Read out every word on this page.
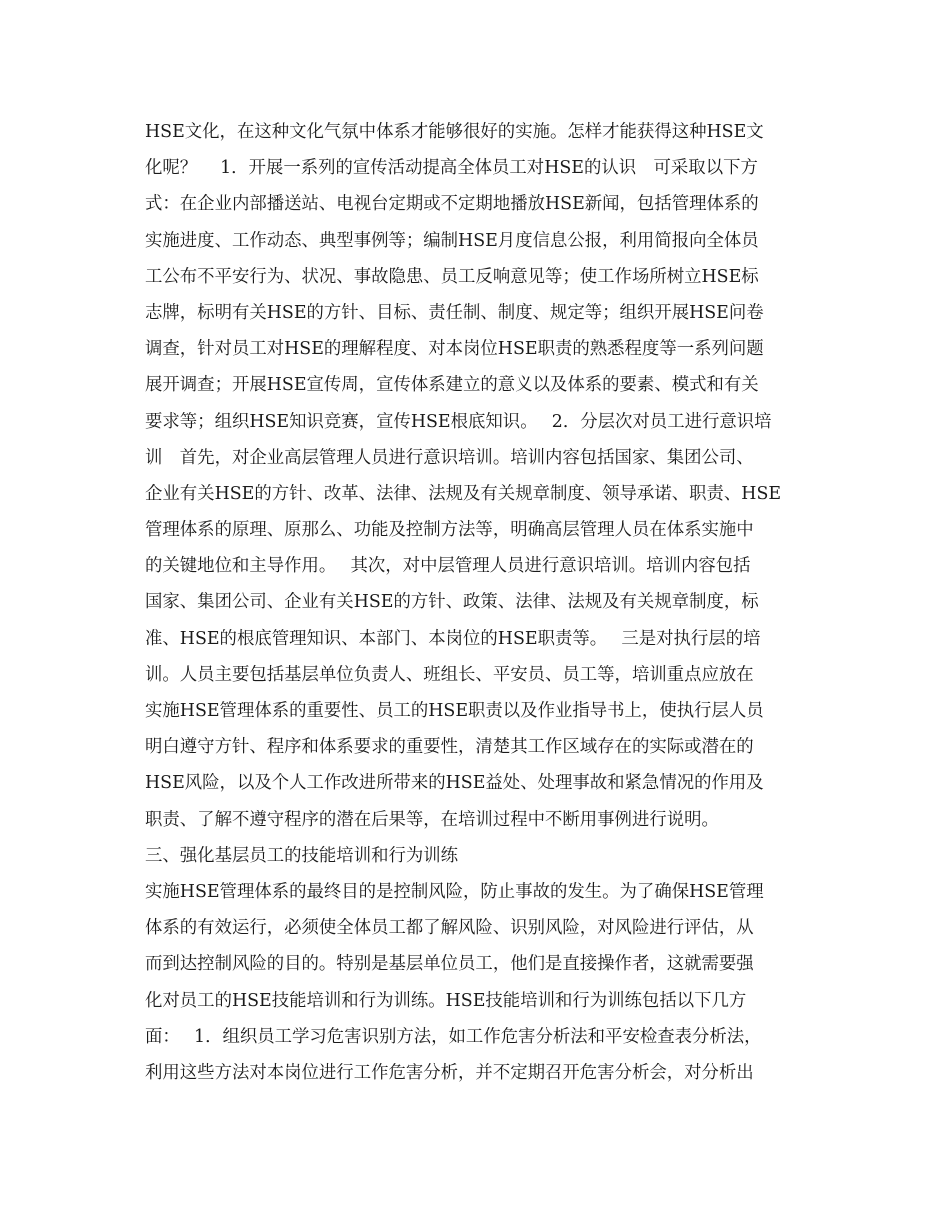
HSE文化，在这种文化气氛中体系才能够很好的实施。怎样才能获得这种HSE文
化呢？　 1．开展一系列的宣传活动提高全体员工对HSE的认识　可采取以下方
式：在企业内部播送站、电视台定期或不定期地播放HSE新闻，包括管理体系的
实施进度、工作动态、典型事例等；编制HSE月度信息公报，利用简报向全体员
工公布不平安行为、状况、事故隐患、员工反响意见等；使工作场所树立HSE标
志牌，标明有关HSE的方针、目标、责任制、制度、规定等；组织开展HSE问卷
调查，针对员工对HSE的理解程度、对本岗位HSE职责的熟悉程度等一系列问题
展开调查；开展HSE宣传周，宣传体系建立的意义以及体系的要素、模式和有关
要求等；组织HSE知识竞赛，宣传HSE根底知识。　 2．分层次对员工进行意识培
训　首先，对企业高层管理人员进行意识培训。培训内容包括国家、集团公司、
企业有关HSE的方针、改革、法律、法规及有关规章制度、领导承诺、职责、HSE
管理体系的原理、原那么、功能及控制方法等，明确高层管理人员在体系实施中
的关键地位和主导作用。　 其次，对中层管理人员进行意识培训。培训内容包括
国家、集团公司、企业有关HSE的方针、政策、法律、法规及有关规章制度，标
准、HSE的根底管理知识、本部门、本岗位的HSE职责等。　 三是对执行层的培
训。人员主要包括基层单位负责人、班组长、平安员、员工等，培训重点应放在
实施HSE管理体系的重要性、员工的HSE职责以及作业指导书上，使执行层人员
明白遵守方针、程序和体系要求的重要性，清楚其工作区域存在的实际或潜在的
HSE风险，以及个人工作改进所带来的HSE益处、处理事故和紧急情况的作用及
职责、了解不遵守程序的潜在后果等，在培训过程中不断用事例进行说明。
三、强化基层员工的技能培训和行为训练
实施HSE管理体系的最终目的是控制风险，防止事故的发生。为了确保HSE管理
体系的有效运行，必须使全体员工都了解风险、识别风险，对风险进行评估，从
而到达控制风险的目的。特别是基层单位员工，他们是直接操作者，这就需要强
化对员工的HSE技能培训和行为训练。HSE技能培训和行为训练包括以下几方
面：　 1．组织员工学习危害识别方法，如工作危害分析法和平安检查表分析法，
利用这些方法对本岗位进行工作危害分析，并不定期召开危害分析会，对分析出
